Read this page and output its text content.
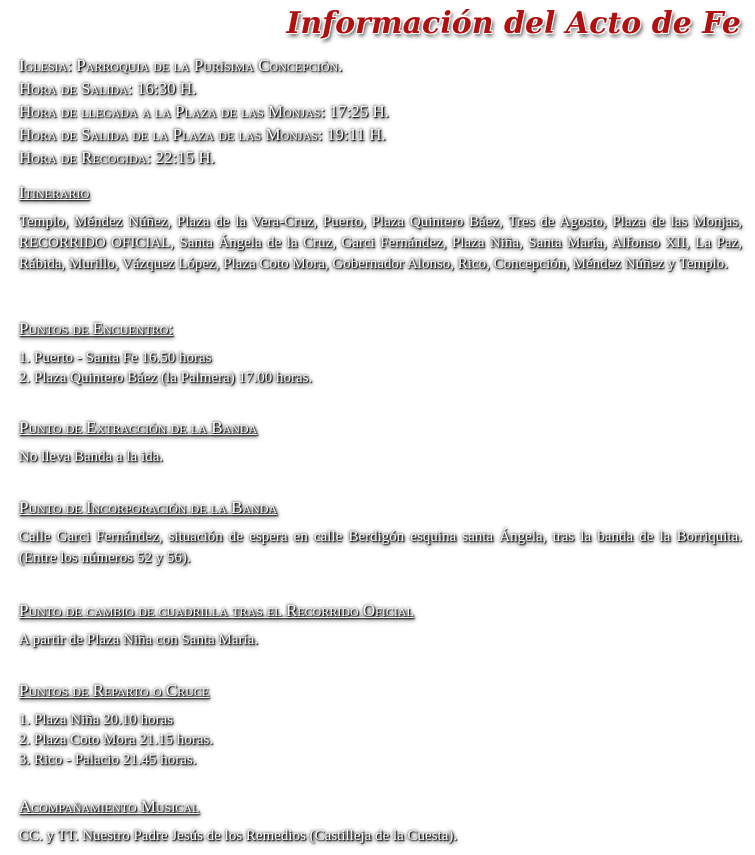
Información del Acto de Fe
Iglesia: Parroquia de la Purísima Concepción.
Hora de Salida: 16:30 H.
Hora de llegada a la Plaza de las Monjas: 17:25 H.
Hora de Salida de la Plaza de las Monjas: 19:11 H.
Hora de Recogida: 22:15 H.
Itinerario
Templo, Méndez Núñez, Plaza de la Vera-Cruz, Puerto, Plaza Quintero Báez, Tres de Agosto, Plaza de las Monjas, RECORRIDO OFICIAL, Santa Ángela de la Cruz, Garci Fernández, Plaza Niña, Santa María, Alfonso XII, La Paz, Rábida, Murillo, Vázquez López, Plaza Coto Mora, Gobernador Alonso, Rico, Concepción, Méndez Núñez y Templo.
Puntos de Encuentro:
1. Puerto - Santa Fe 16.50 horas
2. Plaza Quintero Báez (la Palmera) 17.00 horas.
Punto de Extracción de la Banda
No lleva Banda a la ida.
Punto de Incorporación de la Banda
Calle Garci Fernández, situación de espera en calle Berdigón esquina santa Ángela, tras la banda de la Borriquita. (Entre los números 52 y 56).
Punto de cambio de cuadrilla tras el Recorrido Oficial
A partir de Plaza Niña con Santa María.
Puntos de Reparto o Cruce
1. Plaza Niña 20.10 horas
2. Plaza Coto Mora 21.15 horas.
3. Rico - Palacio 21.45 horas.
Acompañamiento Musical
CC. y TT. Nuestro Padre Jesús de los Remedios (Castilleja de la Cuesta).
